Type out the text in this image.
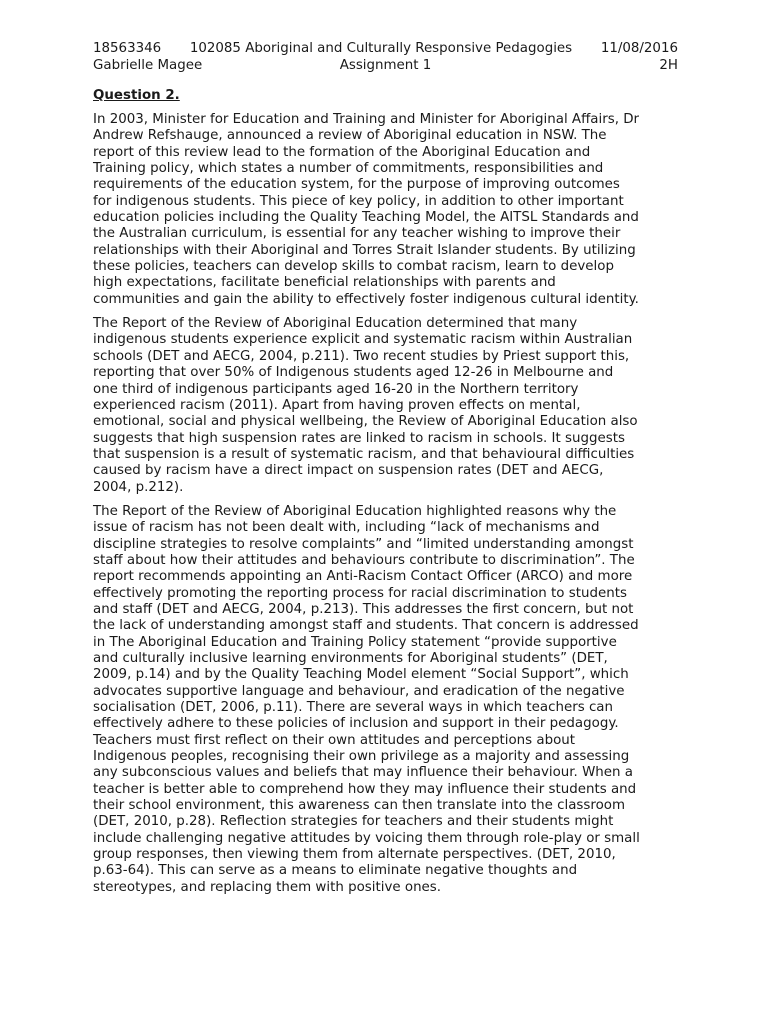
18563346 102085 Aboriginal and Culturally Responsive Pedagogies 11/08/2016
Gabrielle Magee	Assignment 1	2H
Question 2.

In 2003, Minister for Education and Training and Minister for Aboriginal Affairs, Dr
Andrew Refshauge, announced a review of Aboriginal education in NSW. The
report of this review lead to the formation of the Aboriginal Education and
Training policy, which states a number of commitments, responsibilities and
requirements of the education system, for the purpose of improving outcomes
for indigenous students. This piece of key policy, in addition to other important
education policies including the Quality Teaching Model, the AITSL Standards and
the Australian curriculum, is essential for any teacher wishing to improve their
relationships with their Aboriginal and Torres Strait Islander students. By utilizing
these policies, teachers can develop skills to combat racism, learn to develop
high expectations, facilitate beneficial relationships with parents and
communities and gain the ability to effectively foster indigenous cultural identity.

The Report of the Review of Aboriginal Education determined that many
indigenous students experience explicit and systematic racism within Australian
schools (DET and AECG, 2004, p.211). Two recent studies by Priest support this,
reporting that over 50% of Indigenous students aged 12-26 in Melbourne and
one third of indigenous participants aged 16-20 in the Northern territory
experienced racism (2011). Apart from having proven effects on mental,
emotional, social and physical wellbeing, the Review of Aboriginal Education also
suggests that high suspension rates are linked to racism in schools. It suggests
that suspension is a result of systematic racism, and that behavioural difficulties
caused by racism have a direct impact on suspension rates (DET and AECG,
2004, p.212).

The Report of the Review of Aboriginal Education highlighted reasons why the
issue of racism has not been dealt with, including “lack of mechanisms and
discipline strategies to resolve complaints” and “limited understanding amongst
staff about how their attitudes and behaviours contribute to discrimination”. The
report recommends appointing an Anti-Racism Contact Officer (ARCO) and more
effectively promoting the reporting process for racial discrimination to students
and staff (DET and AECG, 2004, p.213). This addresses the first concern, but not
the lack of understanding amongst staff and students. That concern is addressed
in The Aboriginal Education and Training Policy statement “provide supportive
and culturally inclusive learning environments for Aboriginal students” (DET,
2009, p.14) and by the Quality Teaching Model element “Social Support”, which
advocates supportive language and behaviour, and eradication of the negative
socialisation (DET, 2006, p.11). There are several ways in which teachers can
effectively adhere to these policies of inclusion and support in their pedagogy.
Teachers must first reflect on their own attitudes and perceptions about
Indigenous peoples, recognising their own privilege as a majority and assessing
any subconscious values and beliefs that may influence their behaviour. When a
teacher is better able to comprehend how they may influence their students and
their school environment, this awareness can then translate into the classroom
(DET, 2010, p.28). Reflection strategies for teachers and their students might
include challenging negative attitudes by voicing them through role-play or small
group responses, then viewing them from alternate perspectives. (DET, 2010,
p.63-64). This can serve as a means to eliminate negative thoughts and
stereotypes, and replacing them with positive ones.
